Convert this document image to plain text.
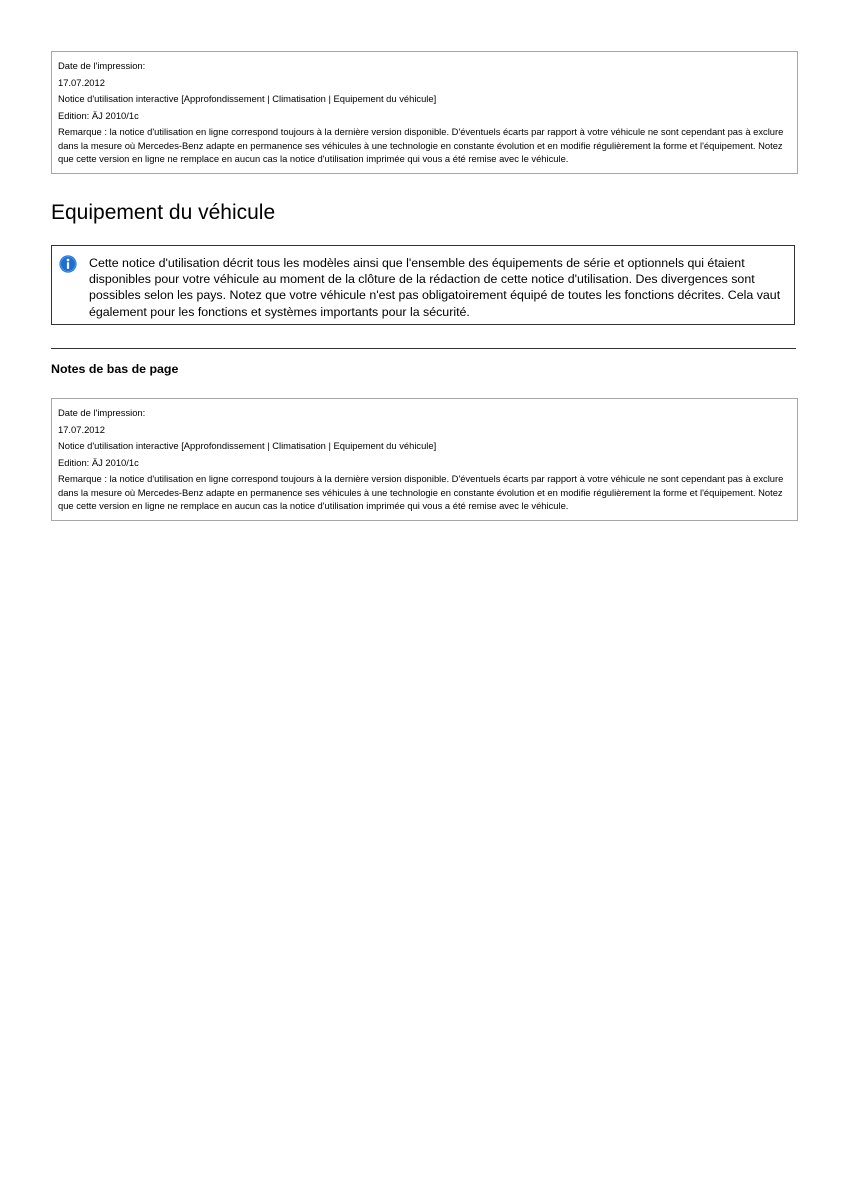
Date de l'impression:

17.07.2012

Notice d'utilisation interactive [Approfondissement | Climatisation | Equipement du véhicule]

Edition: ÄJ 2010/1c

Remarque : la notice d'utilisation en ligne correspond toujours à la dernière version disponible. D'éventuels écarts par rapport à votre véhicule ne sont cependant pas à exclure dans la mesure où Mercedes-Benz adapte en permanence ses véhicules à une technologie en constante évolution et en modifie régulièrement la forme et l'équipement. Notez que cette version en ligne ne remplace en aucun cas la notice d'utilisation imprimée qui vous a été remise avec le véhicule.

Equipement du véhicule

Cette notice d'utilisation décrit tous les modèles ainsi que l'ensemble des équipements de série et optionnels qui étaient disponibles pour votre véhicule au moment de la clôture de la rédaction de cette notice d'utilisation. Des divergences sont possibles selon les pays. Notez que votre véhicule n'est pas obligatoirement équipé de toutes les fonctions décrites. Cela vaut également pour les fonctions et systèmes importants pour la sécurité.

Notes de bas de page

Date de l'impression:

17.07.2012

Notice d'utilisation interactive [Approfondissement | Climatisation | Equipement du véhicule]

Edition: ÄJ 2010/1c

Remarque : la notice d'utilisation en ligne correspond toujours à la dernière version disponible. D'éventuels écarts par rapport à votre véhicule ne sont cependant pas à exclure dans la mesure où Mercedes-Benz adapte en permanence ses véhicules à une technologie en constante évolution et en modifie régulièrement la forme et l'équipement. Notez que cette version en ligne ne remplace en aucun cas la notice d'utilisation imprimée qui vous a été remise avec le véhicule.
